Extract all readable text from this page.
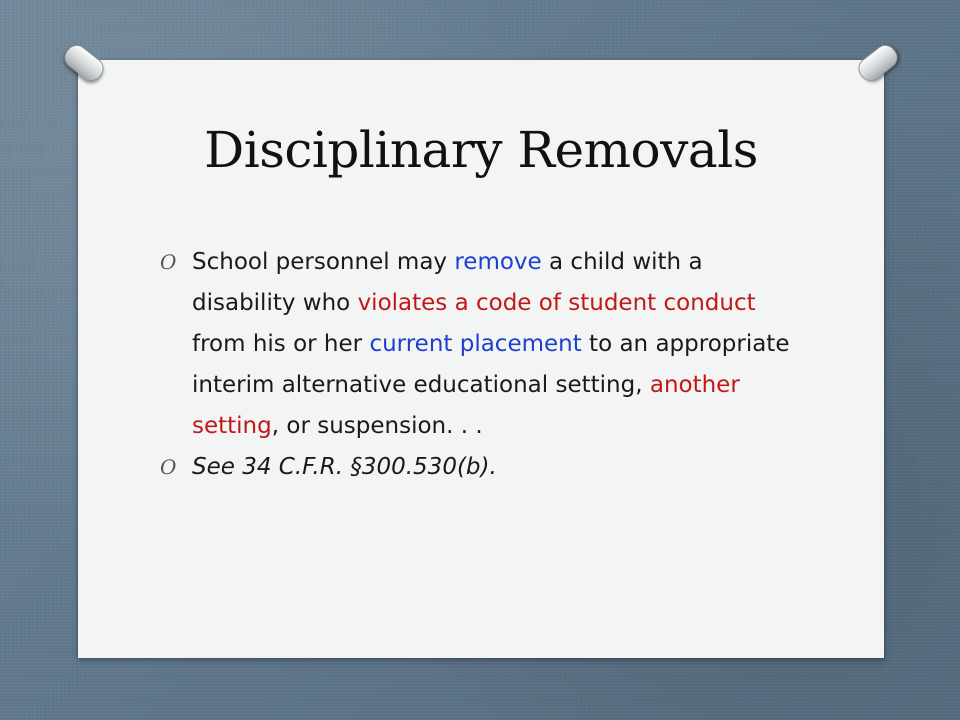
Disciplinary Removals
O School personnel may remove a child with a disability who violates a code of student conduct from his or her current placement to an appropriate interim alternative educational setting, another setting, or suspension. . .
O See 34 C.F.R. §300.530(b).
